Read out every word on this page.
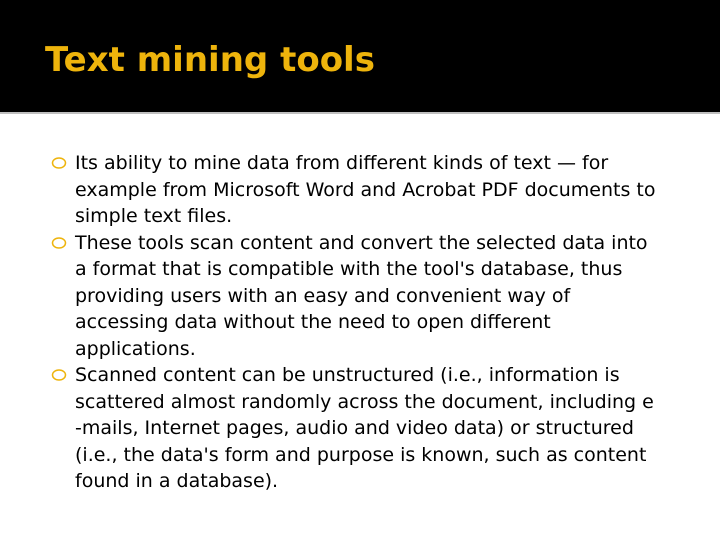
Text mining tools
Its ability to mine data from different kinds of text — for example from Microsoft Word and Acrobat PDF documents to simple text files.
These tools scan content and convert the selected data into a format that is compatible with the tool's database, thus providing users with an easy and convenient way of accessing data without the need to open different applications.
Scanned content can be unstructured (i.e., information is scattered almost randomly across the document, including e -mails, Internet pages, audio and video data) or structured (i.e., the data's form and purpose is known, such as content found in a database).
